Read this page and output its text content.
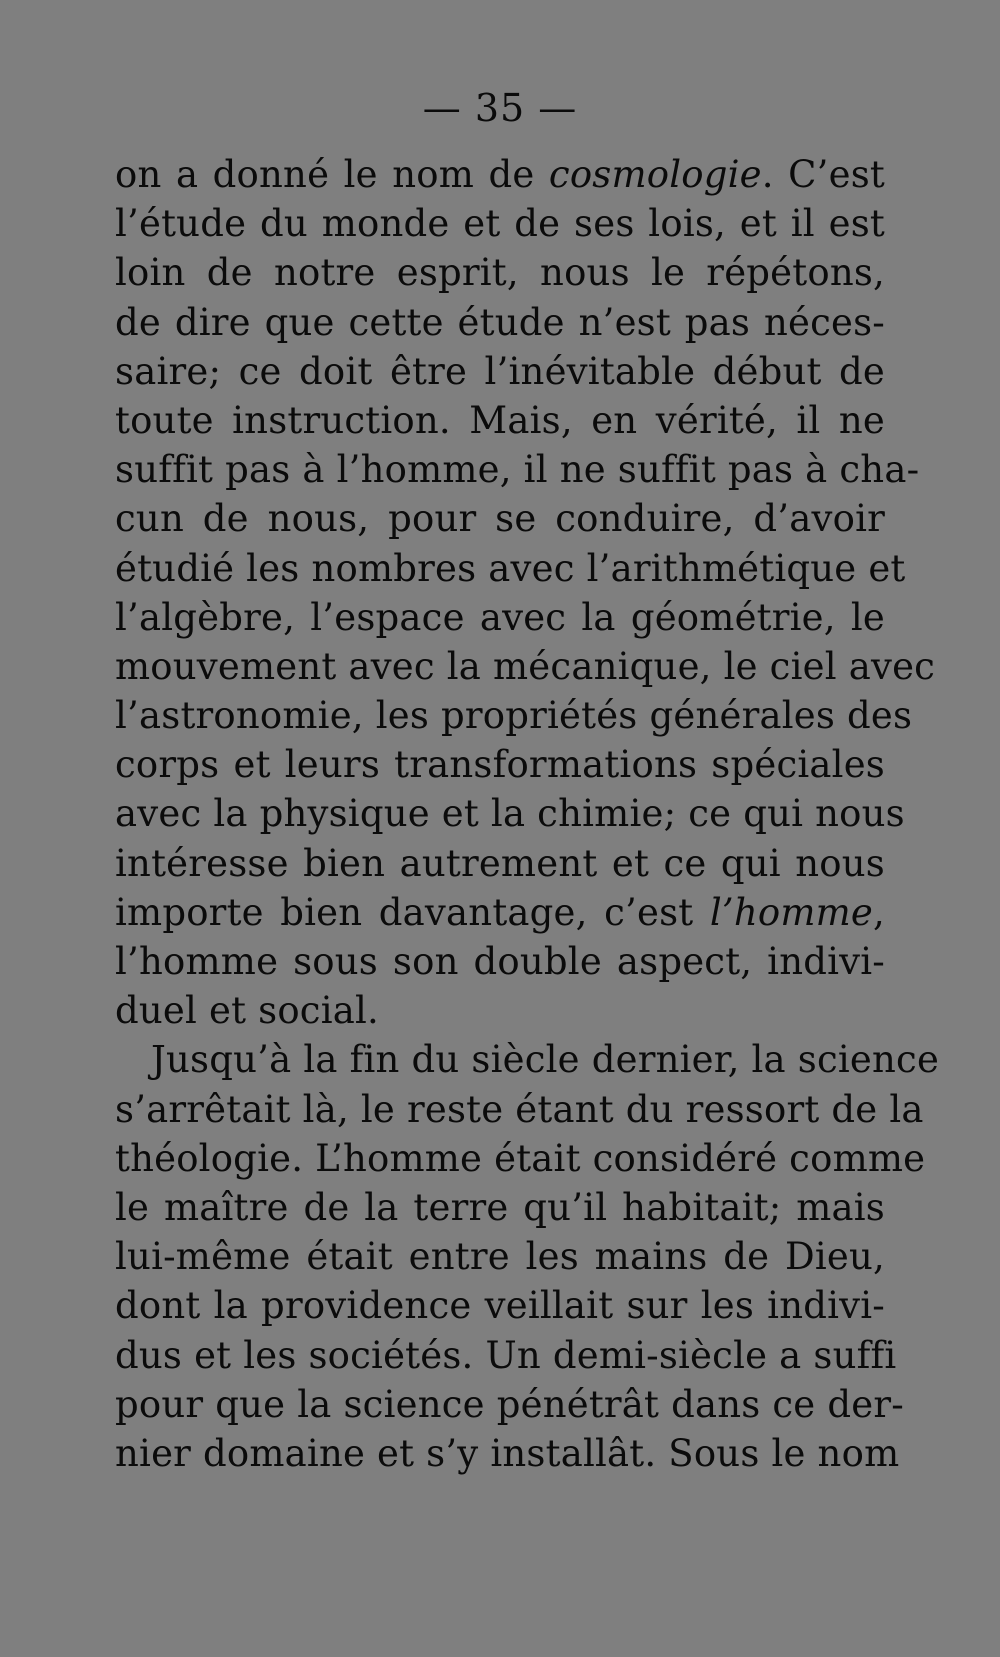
— 35 —
on a donné le nom de cosmologie. C’est
l’étude du monde et de ses lois, et il est
loin de notre esprit, nous le répétons,
de dire que cette étude n’est pas néces-
saire; ce doit être l’inévitable début de
toute instruction. Mais, en vérité, il ne
suffit pas à l’homme, il ne suffit pas à cha-
cun de nous, pour se conduire, d’avoir
étudié les nombres avec l’arithmétique et
l’algèbre, l’espace avec la géométrie, le
mouvement avec la mécanique, le ciel avec
l’astronomie, les propriétés générales des
corps et leurs transformations spéciales
avec la physique et la chimie; ce qui nous
intéresse bien autrement et ce qui nous
importe bien davantage, c’est l’homme,
l’homme sous son double aspect, indivi-
duel et social.
Jusqu’à la fin du siècle dernier, la science
s’arrêtait là, le reste étant du ressort de la
théologie. L’homme était considéré comme
le maître de la terre qu’il habitait; mais
lui-même était entre les mains de Dieu,
dont la providence veillait sur les indivi-
dus et les sociétés. Un demi-siècle a suffi
pour que la science pénétrât dans ce der-
nier domaine et s’y installât. Sous le nom
